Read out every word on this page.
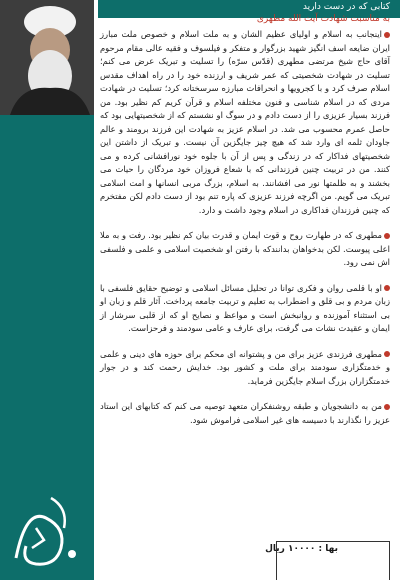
کتابی که در دست دارید
به مناسبت شهادت آیت الله مطهری

اینجانب به اسلام و اولیای عظیم الشان و به ملت اسلام و خصوص ملت مبارز ایران ضایعه اسف انگیز شهید بزرگوار و متفکر و فیلسوف و فقیه عالی مقام مرحوم آقای حاج شیخ مرتضی مطهری (قدّس سرّه) را تسلیت و تبریک عرض می کنم؛ تسلیت در شهادت شخصیتی که عمر شریف و ارزنده خود را در راه اهداف مقدس اسلام صرف کرد و با کجرویها و انحرافات مبارزه سرسختانه کرد؛ تسلیت در شهادت مردی که در اسلام شناسی و فنون مختلفه اسلام و قرآن کریم کم نظیر بود. من فرزند بسیار عزیزی را از دست دادم و در سوگ او نشستم که از شخصیتهایی بود که حاصل عمرم محسوب می شد. در اسلام عزیز به شهادت این فرزند برومند و عالم جاودان ثلمه ای وارد شد که هیچ چیز جایگزین آن نیست. و تبریک از داشتن این شخصیتهای فداکار که در زندگی و پس از آن با جلوه خود نورافشانی کرده و می کنند. من در تربیت چنین فرزندانی که با شعاع فروزان خود مردگان را حیات می بخشند و به ظلمتها نور می افشانند. به اسلام، بزرگ مربی انسانها و امت اسلامی تبریک می گویم. من اگرچه فرزند عزیزی که پاره تنم بود از دست دادم لکن مفتخرم که چنین فرزندان فداکاری در اسلام وجود داشت و دارد.

مطهری که در طهارت روح و قوت ایمان و قدرت بیان کم نظیر بود. رفت و به ملا اعلی پیوست. لکن بدخواهان بدانندکه با رفتن او شخصیت اسلامی و علمی و فلسفی اش نمی رود.

او با قلمی روان و فکری توانا در تحلیل مسائل اسلامی و توضیح حقایق فلسفی با زبان مردم و بی قلق و اضطراب به تعلیم و تربیت جامعه پرداخت. آثار قلم و زبان او بی استثناء آموزنده و روانبخش است و مواعظ و نصایح او که از قلبی سرشار از ایمان و عقیدت نشات می گرفت، برای عارف و عامی سودمند و فرحزاست.

مطهری فرزندی عزیز برای من و پشتوانه ای محکم برای حوزه های دینی و علمی و خدمتگزاری سودمند برای ملت و کشور بود. خدایش رحمت کند و در جوار خدمتگزاران بزرگ اسلام جایگزین فرماید.

من به دانشجویان و طبقه روشنفکران متعهد توصیه می کنم که کتابهای این استاد عزیز را نگذارند با دسیسه های غیر اسلامی فراموش شود.

بها : ۱۰۰۰۰ ریال
